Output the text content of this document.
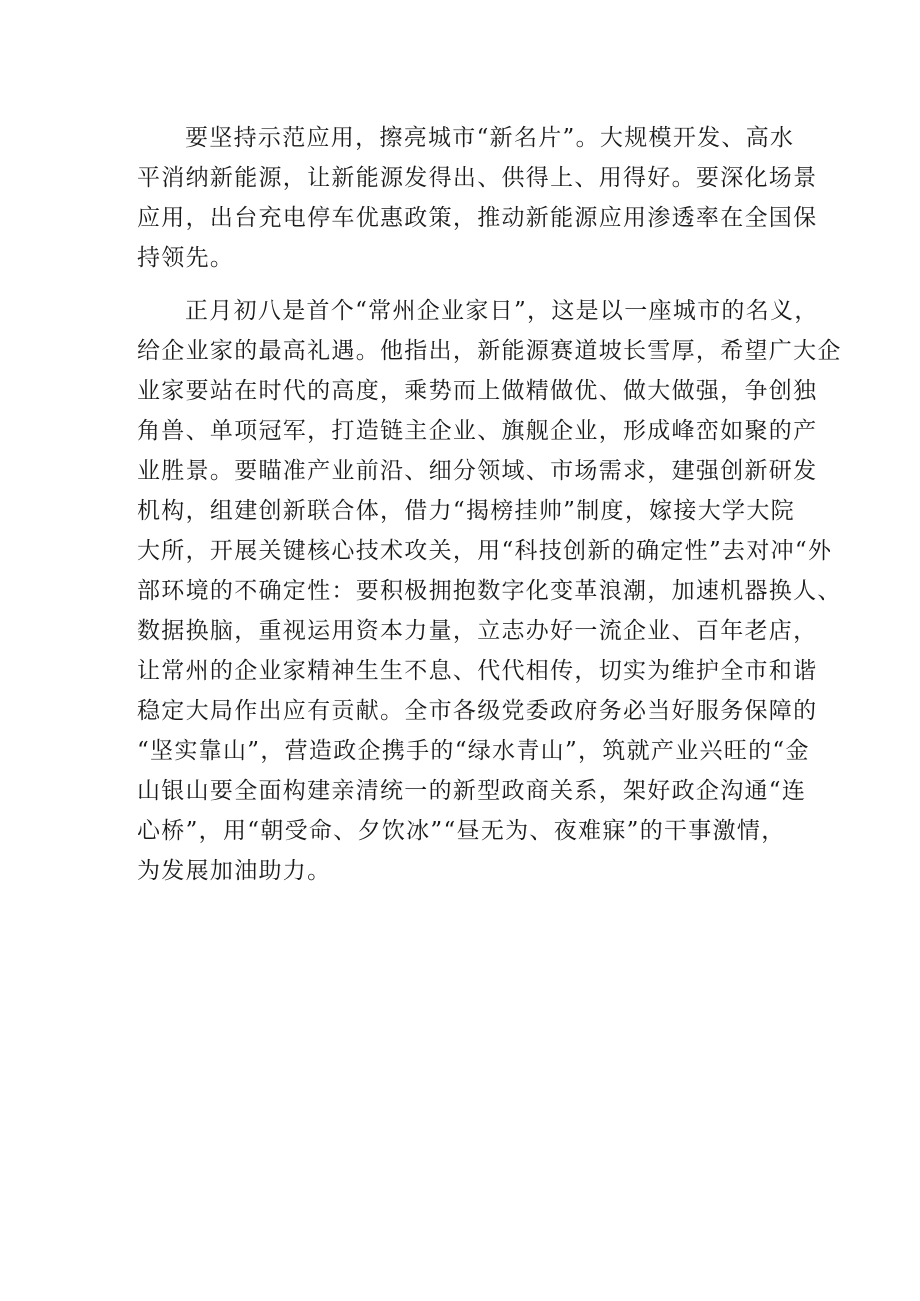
要坚持示范应用，擦亮城市“新名片”。大规模开发、高水
平消纳新能源，让新能源发得出、供得上、用得好。要深化场景
应用，出台充电停车优惠政策，推动新能源应用渗透率在全国保
持领先。
正月初八是首个“常州企业家日”，这是以一座城市的名义，
给企业家的最高礼遇。他指出，新能源赛道坡长雪厚，希望广大企
业家要站在时代的高度，乘势而上做精做优、做大做强，争创独
角兽、单项冠军，打造链主企业、旗舰企业，形成峰峦如聚的产
业胜景。要瞄准产业前沿、细分领域、市场需求，建强创新研发
机构，组建创新联合体，借力“揭榜挂帅”制度，嫁接大学大院
大所，开展关键核心技术攻关，用“科技创新的确定性”去对冲“外
部环境的不确定性：要积极拥抱数字化变革浪潮，加速机器换人、
数据换脑，重视运用资本力量，立志办好一流企业、百年老店，
让常州的企业家精神生生不息、代代相传，切实为维护全市和谐
稳定大局作出应有贡献。全市各级党委政府务必当好服务保障的
“坚实靠山”，营造政企携手的“绿水青山”，筑就产业兴旺的“金
山银山要全面构建亲清统一的新型政商关系，架好政企沟通“连
心桥”，用“朝受命、夕饮冰”“昼无为、夜难寐”的干事激情，
为发展加油助力。
